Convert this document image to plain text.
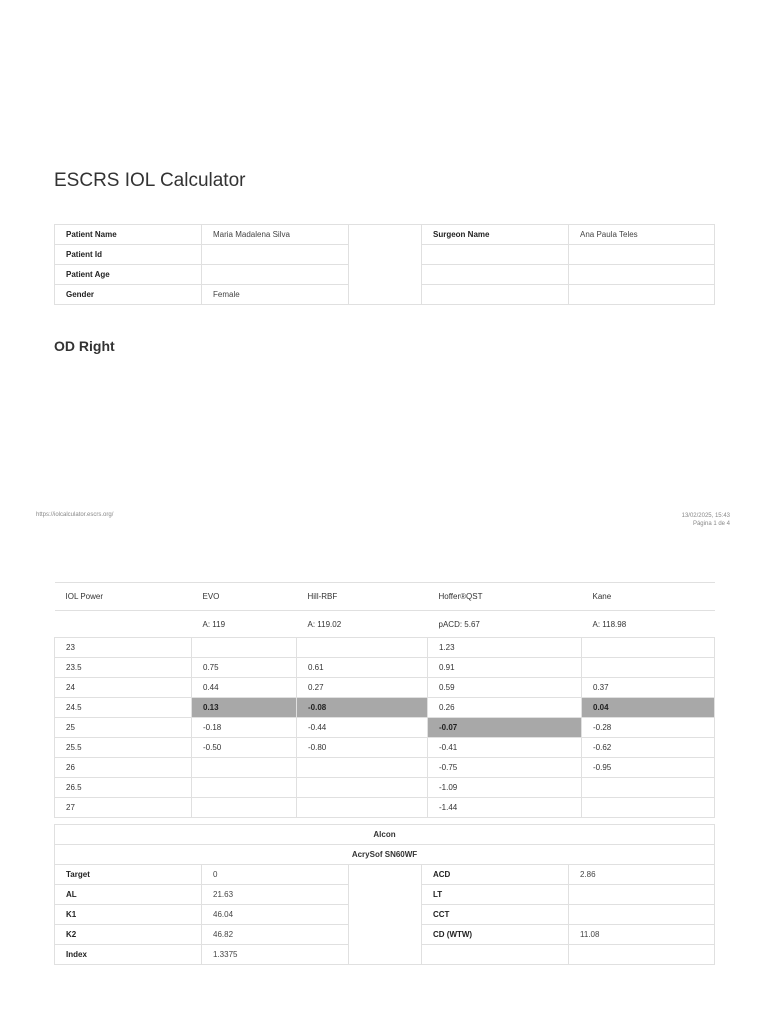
ESCRS IOL Calculator
Patient Name	Maria Madalena Silva		Surgeon Name	Ana Paula Teles
Patient Id				
Patient Age				
Gender	Female			
OD Right
https://iolcalculator.escrs.org/	13/02/2025, 15:43
Página 1 de 4
IOL Power	EVO	Hill-RBF	Hoffer®QST	Kane
	A: 119	A: 119.02	pACD: 5.67	A: 118.98
23			1.23	
23.5	0.75	0.61	0.91	
24	0.44	0.27	0.59	0.37
24.5	0.13	-0.08	0.26	0.04
25	-0.18	-0.44	-0.07	-0.28
25.5	-0.50	-0.80	-0.41	-0.62
26			-0.75	-0.95
26.5			-1.09	
27			-1.44	
Alcon				
AcrySof SN60WF				
Target	0		ACD	2.86
AL	21.63		LT	
K1	46.04		CCT	
K2	46.82		CD (WTW)	11.08
Index	1.3375			
